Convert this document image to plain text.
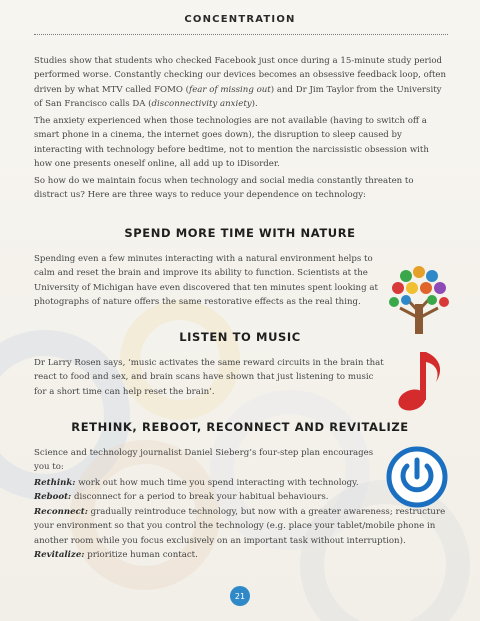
CONCENTRATION

Studies show that students who checked Facebook just once during a 15-minute study period performed worse. Constantly checking our devices becomes an obsessive feedback loop, often driven by what MTV called FOMO (fear of missing out) and Dr Jim Taylor from the University of San Francisco calls DA (disconnectivity anxiety).

The anxiety experienced when those technologies are not available (having to switch off a smart phone in a cinema, the internet goes down), the disruption to sleep caused by interacting with technology before bedtime, not to mention the narcissistic obsession with how one presents oneself online, all add up to iDisorder.

So how do we maintain focus when technology and social media constantly threaten to distract us? Here are three ways to reduce your dependence on technology:

SPEND MORE TIME WITH NATURE

Spending even a few minutes interacting with a natural environment helps to calm and reset the brain and improve its ability to function. Scientists at the University of Michigan have even discovered that ten minutes spent looking at photographs of nature offers the same restorative effects as the real thing.

LISTEN TO MUSIC

Dr Larry Rosen says, ‘music activates the same reward circuits in the brain that react to food and sex, and brain scans have shown that just listening to music for a short time can help reset the brain’.

RETHINK, REBOOT, RECONNECT AND REVITALIZE

Science and technology journalist Daniel Sieberg’s four-step plan encourages you to:

Rethink: work out how much time you spend interacting with technology.

Reboot: disconnect for a period to break your habitual behaviours.

Reconnect: gradually reintroduce technology, but now with a greater awareness; restructure your environment so that you control the technology (e.g. place your tablet/mobile phone in another room while you focus exclusively on an important task without interruption).

Revitalize: prioritize human contact.

21
